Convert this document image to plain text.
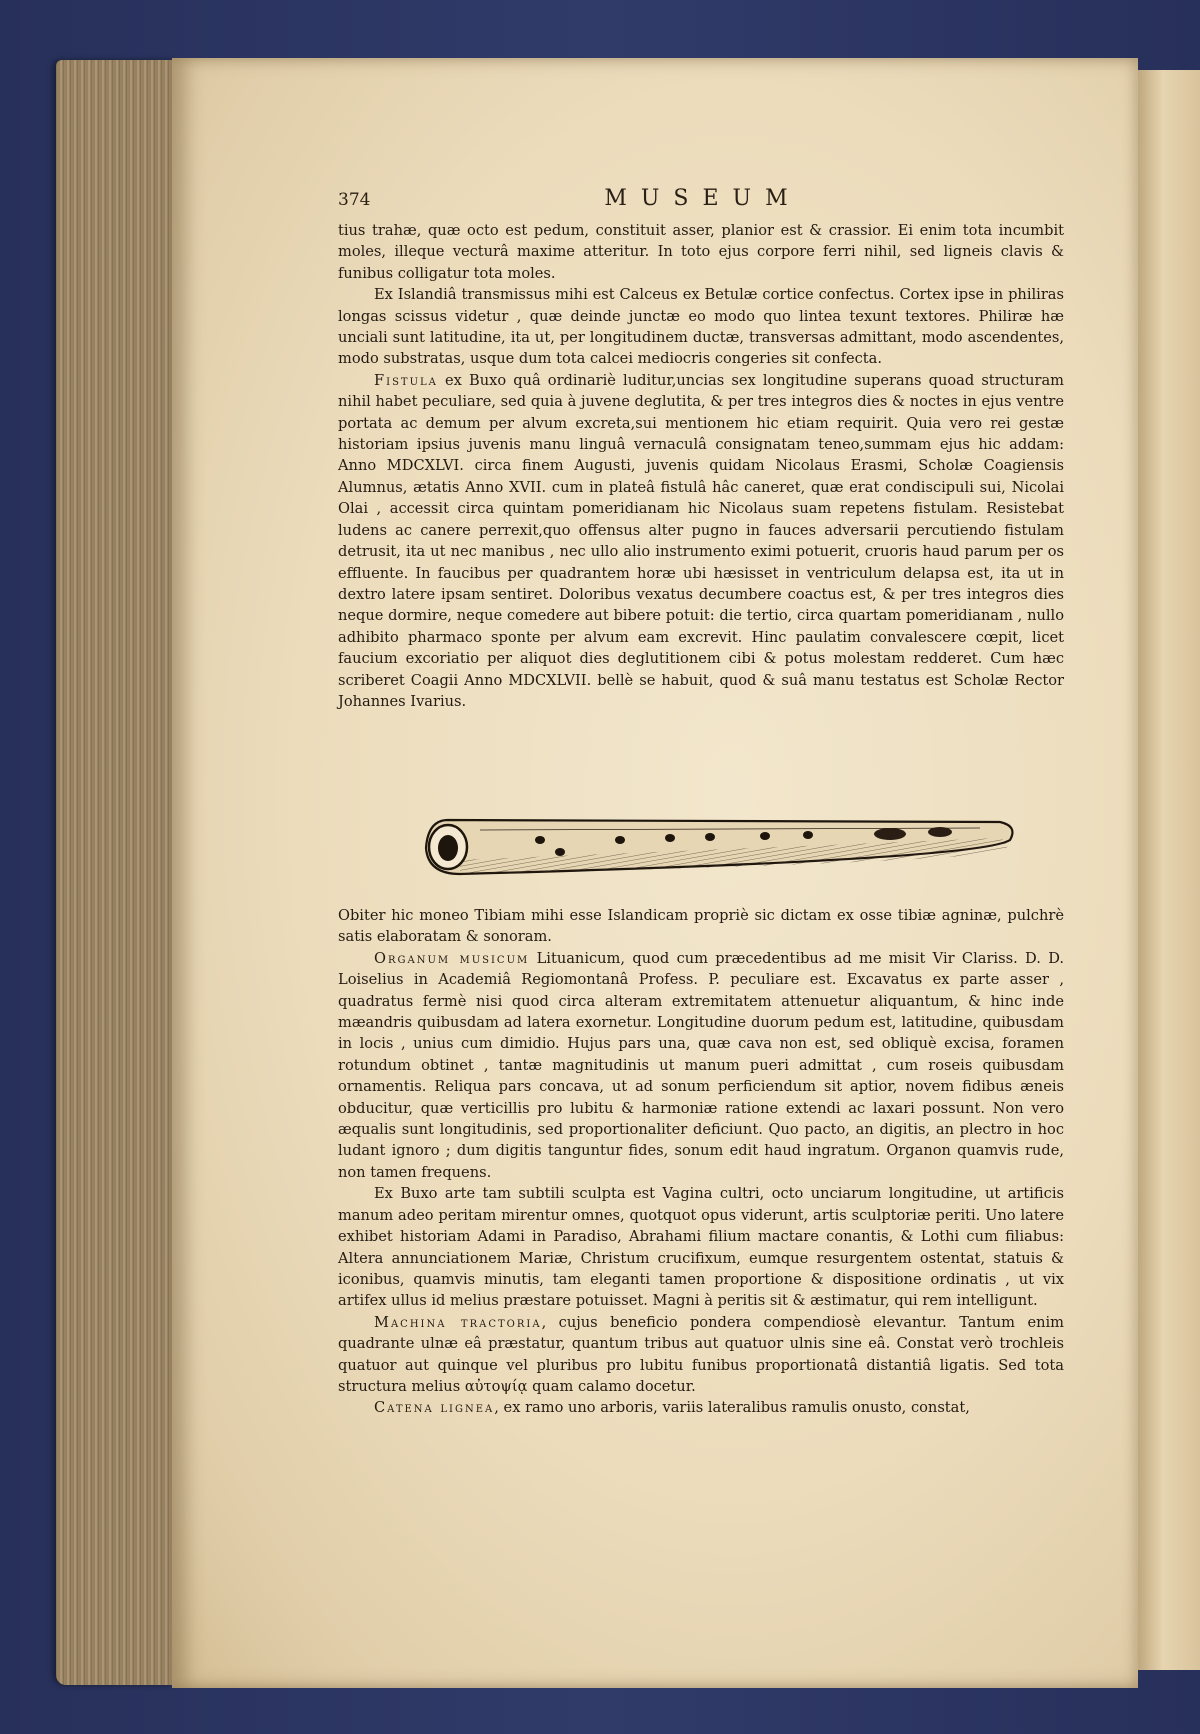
374	MUSEUM

tius trahæ, quæ octo est pedum, constituit asser, planior est & crassior. Ei enim tota incumbit moles, illeque vecturâ maxime atteritur. In toto ejus corpore ferri nihil, sed ligneis clavis & funibus colligatur tota moles.

Ex Islandiâ transmissus mihi est Calceus ex Betulæ cortice confectus. Cortex ipse in philiras longas scissus videtur , quæ deinde junctæ eo modo quo lintea texunt textores. Philiræ hæ unciali sunt latitudine, ita ut, per longitudinem ductæ, transversas admittant, modo ascendentes, modo substratas, usque dum tota calcei mediocris congeries sit confecta.

Fistula ex Buxo quâ ordinariè luditur,uncias sex longitudine superans quoad structuram nihil habet peculiare, sed quia à juvene deglutita, & per tres integros dies & noctes in ejus ventre portata ac demum per alvum excreta,sui mentionem hic etiam requirit. Quia vero rei gestæ historiam ipsius juvenis manu linguâ vernaculâ consignatam teneo,summam ejus hic addam: Anno MDCXLVI. circa finem Augusti, juvenis quidam Nicolaus Erasmi, Scholæ Coagiensis Alumnus, ætatis Anno XVII. cum in plateâ fistulâ hâc caneret, quæ erat condiscipuli sui, Nicolai Olai , accessit circa quintam pomeridianam hic Nicolaus suam repetens fistulam. Resistebat ludens ac canere perrexit,quo offensus alter pugno in fauces adversarii percutiendo fistulam detrusit, ita ut nec manibus , nec ullo alio instrumento eximi potuerit, cruoris haud parum per os effluente. In faucibus per quadrantem horæ ubi hæsisset in ventriculum delapsa est, ita ut in dextro latere ipsam sentiret. Doloribus vexatus decumbere coactus est, & per tres integros dies neque dormire, neque comedere aut bibere potuit: die tertio, circa quartam pomeridianam , nullo adhibito pharmaco sponte per alvum eam excrevit. Hinc paulatim convalescere cœpit, licet faucium excoriatio per aliquot dies deglutitionem cibi & potus molestam redderet. Cum hæc scriberet Coagii Anno MDCXLVII. bellè se habuit, quod & suâ manu testatus est Scholæ Rector Johannes Ivarius.

Obiter hic moneo Tibiam mihi esse Islandicam propriè sic dictam ex osse tibiæ agninæ, pulchrè satis elaboratam & sonoram.

Organum musicum Lituanicum, quod cum præcedentibus ad me misit Vir Clariss. D. D. Loiselius in Academiâ Regiomontanâ Profess. P. peculiare est. Excavatus ex parte asser , quadratus fermè nisi quod circa alteram extremitatem attenuetur aliquantum, & hinc inde mæandris quibusdam ad latera exornetur. Longitudine duorum pedum est, latitudine, quibusdam in locis , unius cum dimidio. Hujus pars una, quæ cava non est, sed obliquè excisa, foramen rotundum obtinet , tantæ magnitudinis ut manum pueri admittat , cum roseis quibusdam ornamentis. Reliqua pars concava, ut ad sonum perficiendum sit aptior, novem fidibus æneis obducitur, quæ verticillis pro lubitu & harmoniæ ratione extendi ac laxari possunt. Non vero æqualis sunt longitudinis, sed proportionaliter deficiunt. Quo pacto, an digitis, an plectro in hoc ludant ignoro ; dum digitis tanguntur fides, sonum edit haud ingratum. Organon quamvis rude, non tamen frequens.

Ex Buxo arte tam subtili sculpta est Vagina cultri, octo unciarum longitudine, ut artificis manum adeo peritam mirentur omnes, quotquot opus viderunt, artis sculptoriæ periti. Uno latere exhibet historiam Adami in Paradiso, Abrahami filium mactare conantis, & Lothi cum filiabus: Altera annunciationem Mariæ, Christum crucifixum, eumque resurgentem ostentat, statuis & iconibus, quamvis minutis, tam eleganti tamen proportione & dispositione ordinatis , ut vix artifex ullus id melius præstare potuisset. Magni à peritis sit & æstimatur, qui rem intelligunt.

Machina tractoria, cujus beneficio pondera compendiosè elevantur. Tantum enim quadrante ulnæ eâ præstatur, quantum tribus aut quatuor ulnis sine eâ. Constat verò trochleis quatuor aut quinque vel pluribus pro lubitu funibus proportionatâ distantiâ ligatis. Sed tota structura melius αὐτοψίᾳ quam calamo docetur.

Catena lignea, ex ramo uno arboris, variis lateralibus ramulis onusto, constat,
